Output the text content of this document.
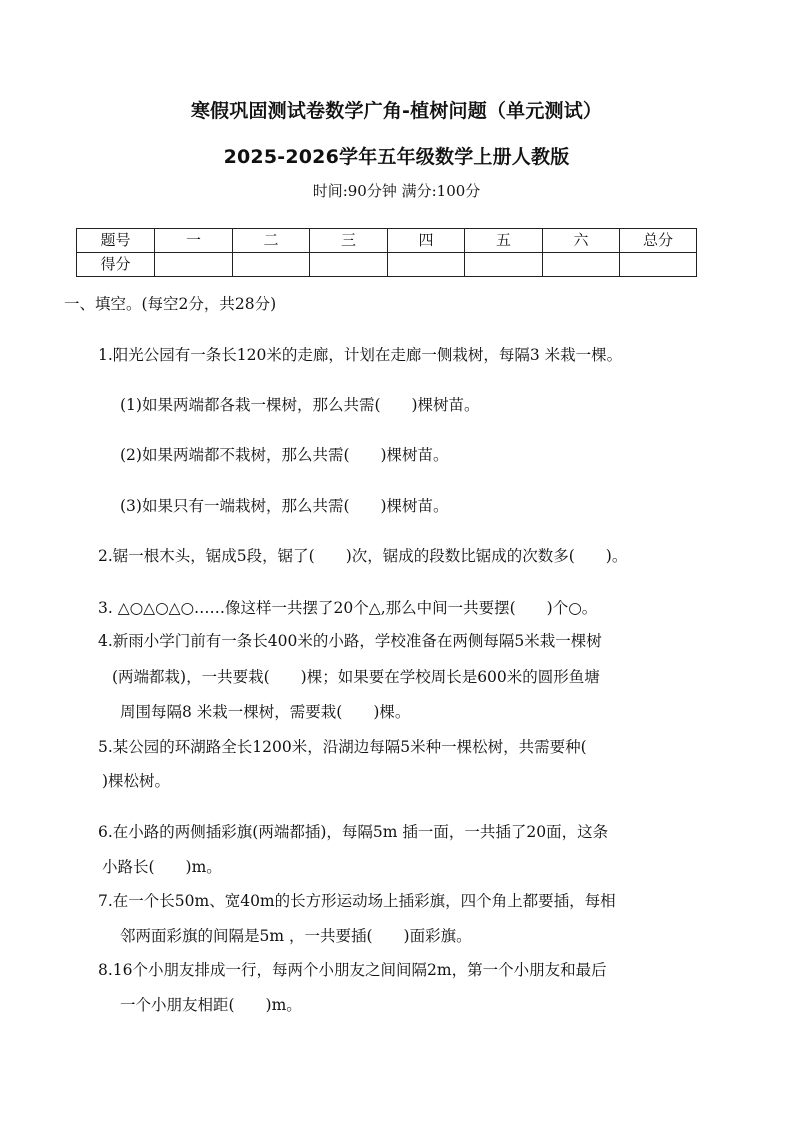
寒假巩固测试卷数学广角-植树问题（单元测试）
2025-2026学年五年级数学上册人教版
时间:90分钟 满分:100分
题号	一	二	三	四	五	六	总分
得分							
一、填空。(每空2分，共28分)
1.阳光公园有一条长120米的走廊，计划在走廊一侧栽树，每隔3 米栽一棵。
(1)如果两端都各栽一棵树，那么共需(　　)棵树苗。
(2)如果两端都不栽树，那么共需(　　)棵树苗。
(3)如果只有一端栽树，那么共需(　　)棵树苗。
2.锯一根木头，锯成5段，锯了(　　)次，锯成的段数比锯成的次数多(　　)。
3. △○△○△○……像这样一共摆了20个△,那么中间一共要摆(　　)个○。
4.新雨小学门前有一条长400米的小路，学校准备在两侧每隔5米栽一棵树
(两端都栽)，一共要栽(　　)棵；如果要在学校周长是600米的圆形鱼塘
周围每隔8 米栽一棵树，需要栽(　　)棵。
5.某公园的环湖路全长1200米，沿湖边每隔5米种一棵松树，共需要种(
)棵松树。
6.在小路的两侧插彩旗(两端都插)，每隔5m 插一面，一共插了20面，这条
小路长(　　)m。
7.在一个长50m、宽40m的长方形运动场上插彩旗，四个角上都要插，每相
邻两面彩旗的间隔是5m ，一共要插(　　)面彩旗。
8.16个小朋友排成一行，每两个小朋友之间间隔2m，第一个小朋友和最后
一个小朋友相距(　　)m。
